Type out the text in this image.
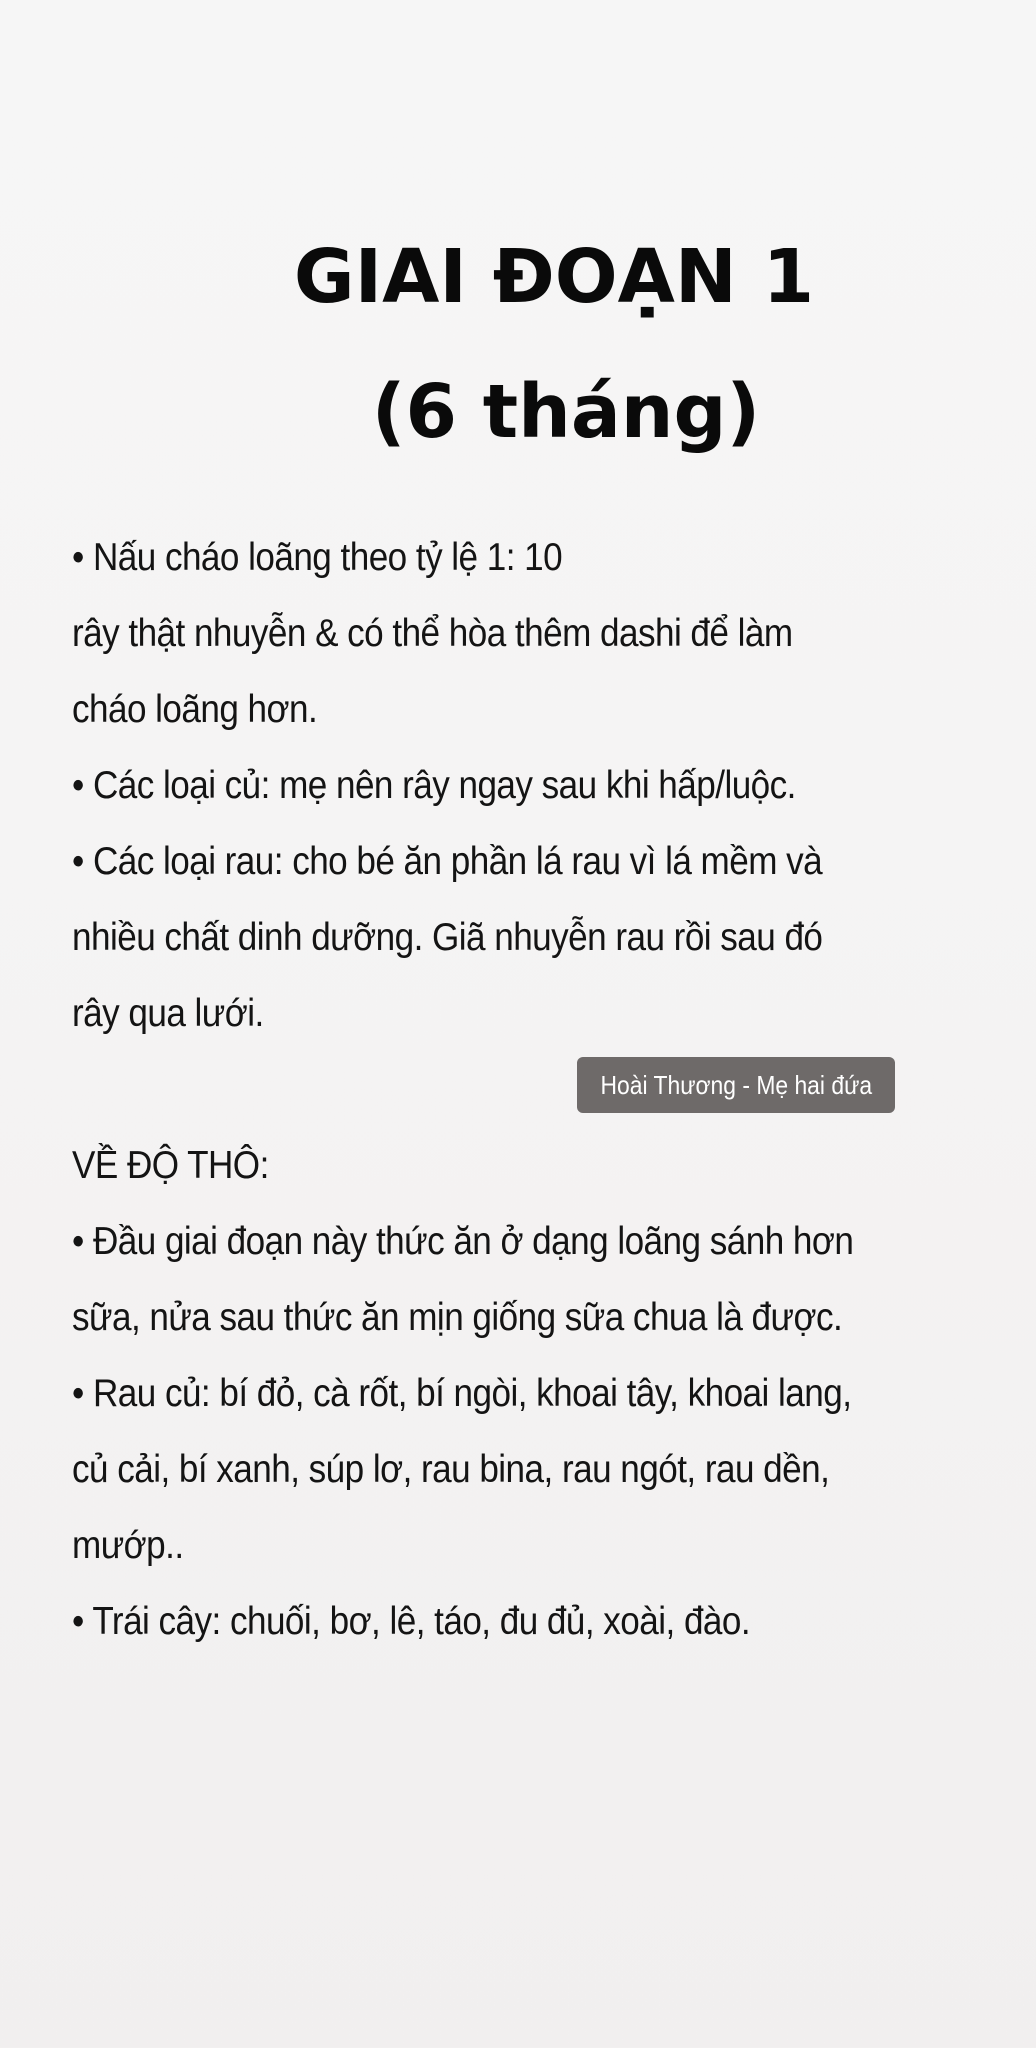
GIAI ĐOẠN 1
(6 tháng)

• Nấu cháo loãng theo tỷ lệ 1: 10

rây thật nhuyễn & có thể hòa thêm dashi để làm

cháo loãng hơn.

• Các loại củ: mẹ nên rây ngay sau khi hấp/luộc.

• Các loại rau: cho bé ăn phần lá rau vì lá mềm và

nhiều chất dinh dưỡng. Giã nhuyễn rau rồi sau đó

rây qua lưới.

Hoài Thương - Mẹ hai đứa

VỀ ĐỘ THÔ:

• Đầu giai đoạn này thức ăn ở dạng loãng sánh hơn

sữa, nửa sau thức ăn mịn giống sữa chua là được.

• Rau củ: bí đỏ, cà rốt, bí ngòi, khoai tây, khoai lang,

củ cải, bí xanh, súp lơ, rau bina, rau ngót, rau dền,

mướp..

• Trái cây: chuối, bơ, lê, táo, đu đủ, xoài, đào.
